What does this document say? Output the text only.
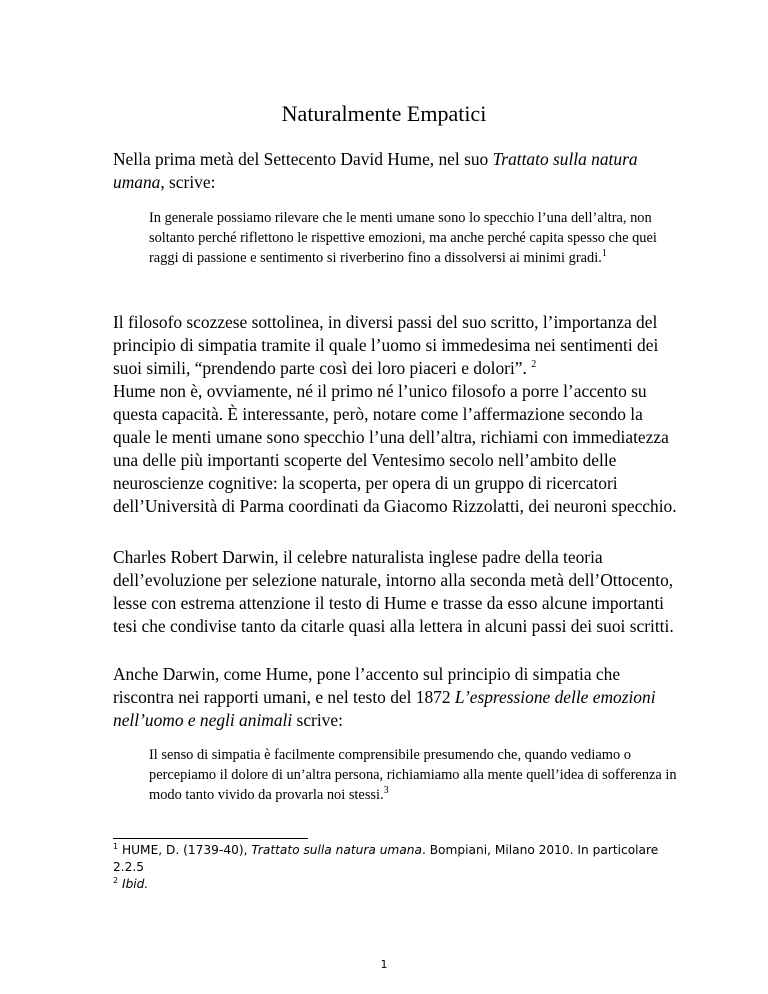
Naturalmente Empatici

Nella prima metà del Settecento David Hume, nel suo Trattato sulla natura umana, scrive:

In generale possiamo rilevare che le menti umane sono lo specchio l’una dell’altra, non soltanto perché riflettono le rispettive emozioni, ma anche perché capita spesso che quei raggi di passione e sentimento si riverberino fino a dissolversi ai minimi gradi.$^1$

Il filosofo scozzese sottolinea, in diversi passi del suo scritto, l’importanza del principio di simpatia tramite il quale l’uomo si immedesima nei sentimenti dei suoi simili, “prendendo parte così dei loro piaceri e dolori”. $^2$
Hume non è, ovviamente, né il primo né l’unico filosofo a porre l’accento su questa capacità. È interessante, però, notare come l’affermazione secondo la quale le menti umane sono specchio l’una dell’altra, richiami con immediatezza una delle più importanti scoperte del Ventesimo secolo nell’ambito delle neuroscienze cognitive: la scoperta, per opera di un gruppo di ricercatori dell’Università di Parma coordinati da Giacomo Rizzolatti, dei neuroni specchio.

Charles Robert Darwin, il celebre naturalista inglese padre della teoria dell’evoluzione per selezione naturale, intorno alla seconda metà dell’Ottocento, lesse con estrema attenzione il testo di Hume e trasse da esso alcune importanti tesi che condivise tanto da citarle quasi alla lettera in alcuni passi dei suoi scritti.

Anche Darwin, come Hume, pone l’accento sul principio di simpatia che riscontra nei rapporti umani, e nel testo del 1872 L’espressione delle emozioni nell’uomo e negli animali scrive:

Il senso di simpatia è facilmente comprensibile presumendo che, quando vediamo o percepiamo il dolore di un’altra persona, richiamiamo alla mente quell’idea di sofferenza in modo tanto vivido da provarla noi stessi.$^3$

$^1$ HUME, D. (1739-40), Trattato sulla natura umana. Bompiani, Milano 2010. In particolare 2.2.5
$^2$ Ibid.
1
